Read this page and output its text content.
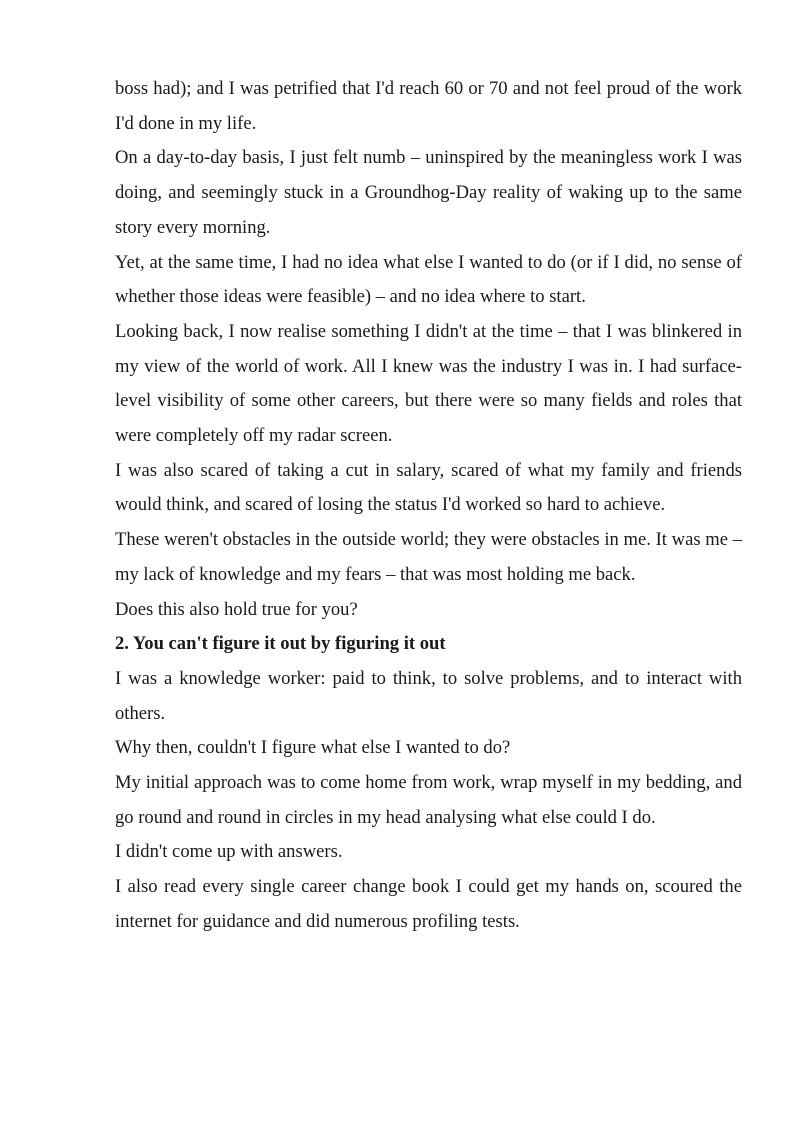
boss had); and I was petrified that I'd reach 60 or 70 and not feel proud of the work I'd done in my life.

On a day-to-day basis, I just felt numb – uninspired by the meaningless work I was doing, and seemingly stuck in a Groundhog-Day reality of waking up to the same story every morning.

Yet, at the same time, I had no idea what else I wanted to do (or if I did, no sense of whether those ideas were feasible) – and no idea where to start.

Looking back, I now realise something I didn't at the time – that I was blinkered in my view of the world of work. All I knew was the industry I was in. I had surface-level visibility of some other careers, but there were so many fields and roles that were completely off my radar screen.

I was also scared of taking a cut in salary, scared of what my family and friends would think, and scared of losing the status I'd worked so hard to achieve.

These weren't obstacles in the outside world; they were obstacles in me. It was me – my lack of knowledge and my fears – that was most holding me back.

Does this also hold true for you?

2. You can't figure it out by figuring it out

I was a knowledge worker: paid to think, to solve problems, and to interact with others.

Why then, couldn't I figure what else I wanted to do?

My initial approach was to come home from work, wrap myself in my bedding, and go round and round in circles in my head analysing what else could I do.

I didn't come up with answers.

I also read every single career change book I could get my hands on, scoured the internet for guidance and did numerous profiling tests.
